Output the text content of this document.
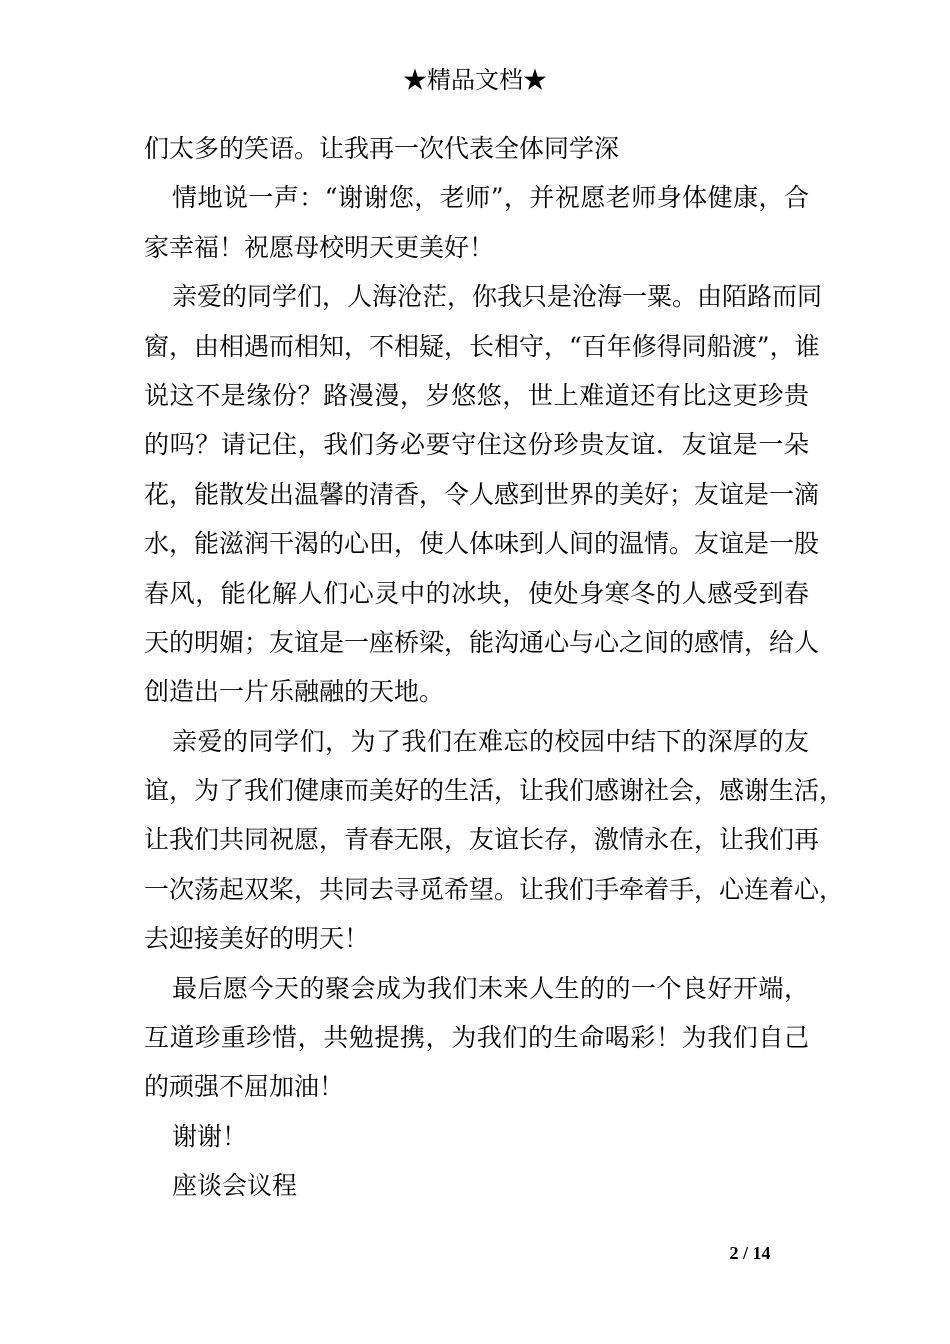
★精品文档★
们太多的笑语。让我再一次代表全体同学深
情地说一声：“谢谢您，老师”，并祝愿老师身体健康，合
家幸福！祝愿母校明天更美好！
亲爱的同学们，人海沧茫，你我只是沧海一粟。由陌路而同
窗，由相遇而相知，不相疑，长相守，“百年修得同船渡”，谁
说这不是缘份？路漫漫，岁悠悠，世上难道还有比这更珍贵
的吗？请记住，我们务必要守住这份珍贵友谊．友谊是一朵
花，能散发出温馨的清香，令人感到世界的美好；友谊是一滴
水，能滋润干渴的心田，使人体味到人间的温情。友谊是一股
春风，能化解人们心灵中的冰块，使处身寒冬的人感受到春
天的明媚；友谊是一座桥梁，能沟通心与心之间的感情，给人
创造出一片乐融融的天地。
亲爱的同学们，为了我们在难忘的校园中结下的深厚的友
谊，为了我们健康而美好的生活，让我们感谢社会，感谢生活，
让我们共同祝愿，青春无限，友谊长存，激情永在，让我们再
一次荡起双桨，共同去寻觅希望。让我们手牵着手，心连着心，
去迎接美好的明天！
最后愿今天的聚会成为我们未来人生的的一个良好开端，
互道珍重珍惜，共勉提携，为我们的生命喝彩！为我们自己
的顽强不屈加油！
谢谢！
座谈会议程
2 / 14
